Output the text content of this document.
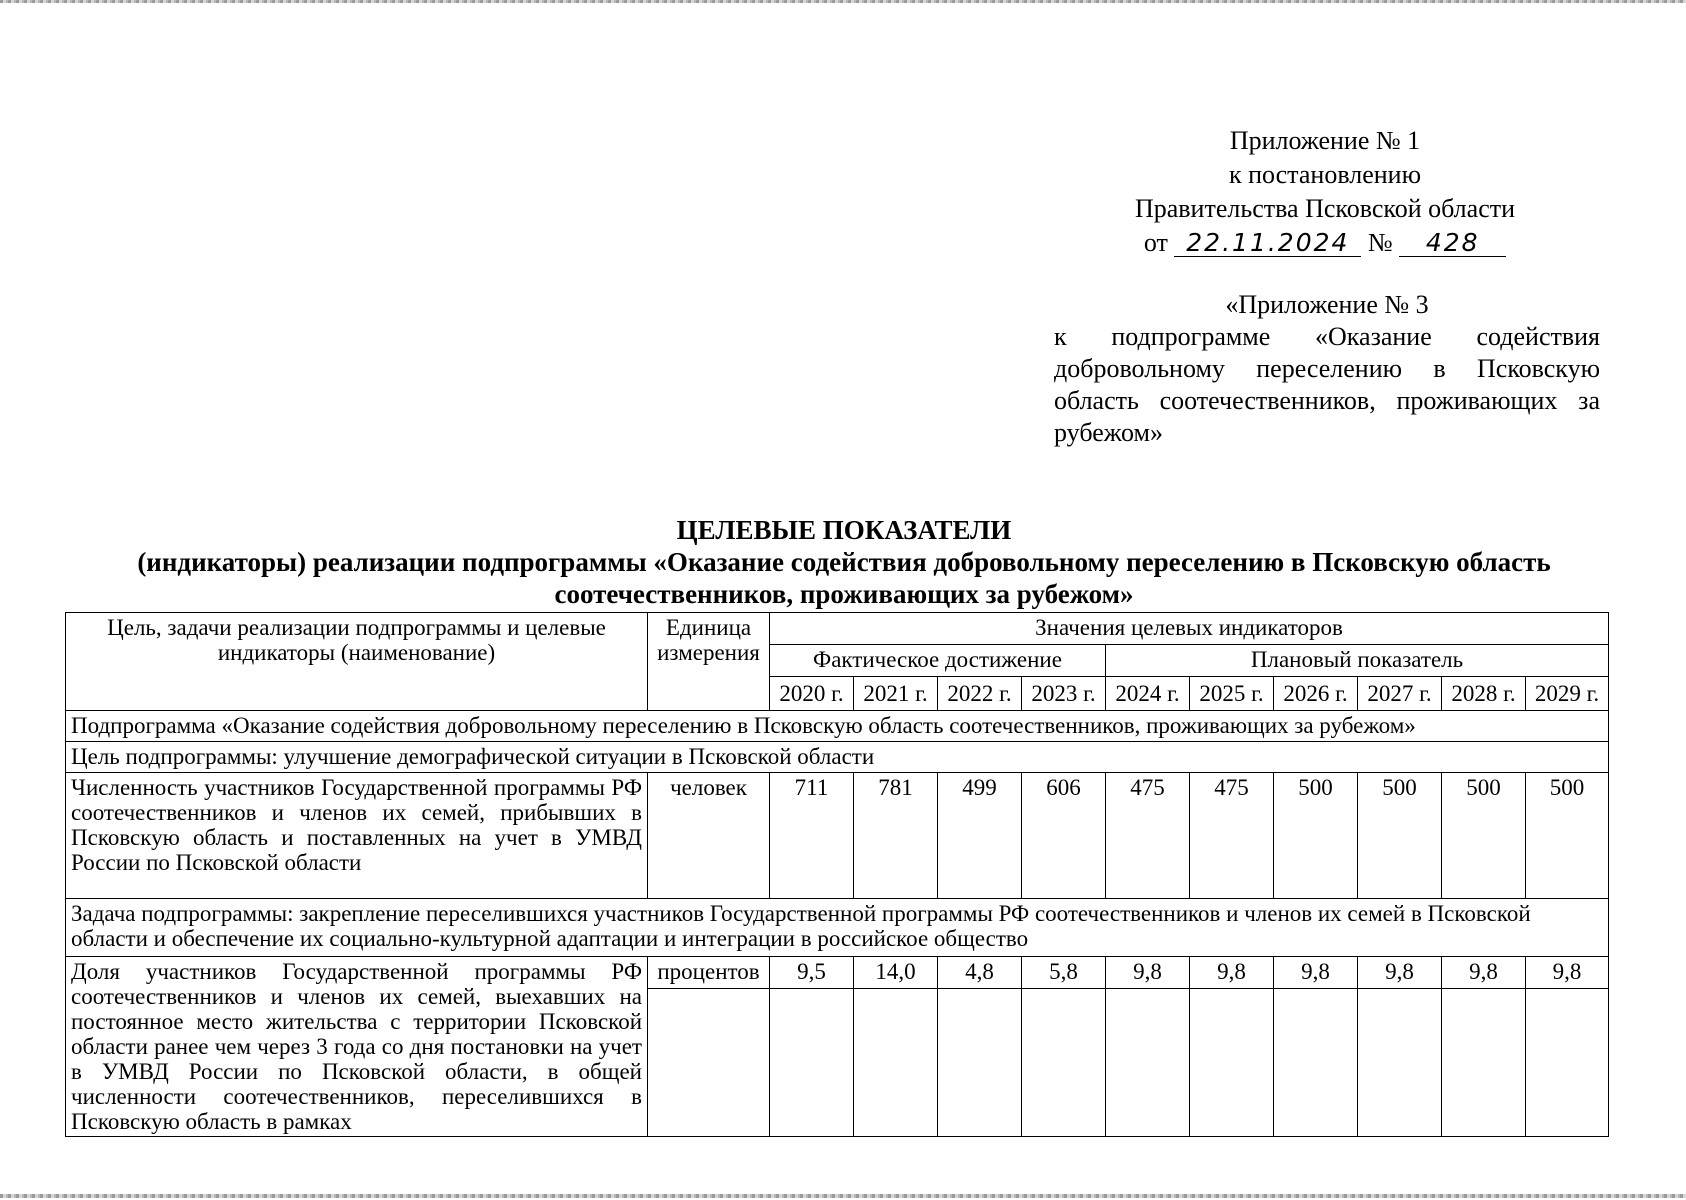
Приложение № 1
к постановлению
Правительства Псковской области
от 22.11.2024 № 428
«Приложение № 3
к подпрограмме «Оказание содействия добровольному переселению в Псковскую область соотечественников, проживающих за рубежом»
ЦЕЛЕВЫЕ ПОКАЗАТЕЛИ
(индикаторы) реализации подпрограммы «Оказание содействия добровольному переселению в Псковскую область
соотечественников, проживающих за рубежом»
Цель, задачи реализации подпрограммы и целевые индикаторы (наименование)	Единица измерения	Значения целевых индикаторов									
		Фактическое достижение				Плановый показатель					
		2020 г.	2021 г.	2022 г.	2023 г.	2024 г.	2025 г.	2026 г.	2027 г.	2028 г.	2029 г.
Подпрограмма «Оказание содействия добровольному переселению в Псковскую область соотечественников, проживающих за рубежом»											
Цель подпрограммы: улучшение демографической ситуации в Псковской области											
Численность участников Государственной программы РФ соотечественников и членов их семей, прибывших в Псковскую область и поставленных на учет в УМВД России по Псковской области	человек	711	781	499	606	475	475	500	500	500	500
Задача подпрограммы: закрепление переселившихся участников Государственной программы РФ соотечественников и членов их семей в Псковской области и обеспечение их социально-культурной адаптации и интеграции в российское общество											
Доля участников Государственной программы РФ соотечественников и членов их семей, выехавших на постоянное место жительства с территории Псковской области ранее чем через 3 года со дня постановки на учет в УМВД России по Псковской области, в общей численности соотечественников, переселившихся в Псковскую область в рамках	процентов	9,5	14,0	4,8	5,8	9,8	9,8	9,8	9,8	9,8	9,8
